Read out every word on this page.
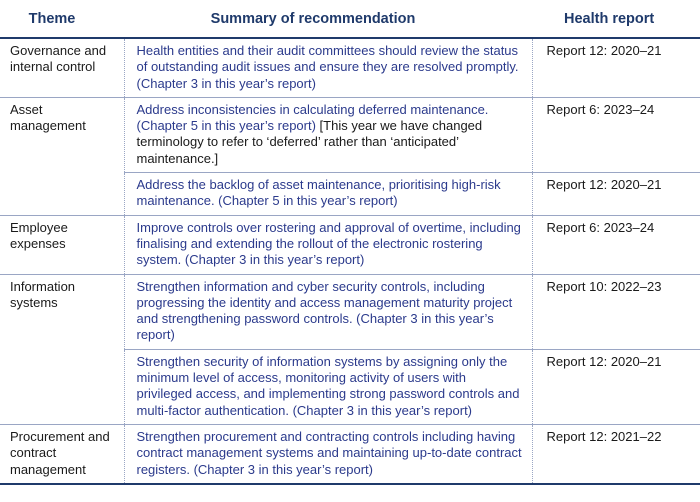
Theme	Summary of recommendation	Health report
Governance and internal control	Health entities and their audit committees should review the status of outstanding audit issues and ensure they are resolved promptly. (Chapter 3 in this year’s report)	Report 12: 2020–21
Asset management	Address inconsistencies in calculating deferred maintenance. (Chapter 5 in this year’s report) [This year we have changed terminology to refer to ‘deferred’ rather than ‘anticipated’ maintenance.]	Report 6: 2023–24
	Address the backlog of asset maintenance, prioritising high-risk maintenance. (Chapter 5 in this year’s report)	Report 12: 2020–21
Employee expenses	Improve controls over rostering and approval of overtime, including finalising and extending the rollout of the electronic rostering system. (Chapter 3 in this year’s report)	Report 6: 2023–24
Information systems	Strengthen information and cyber security controls, including progressing the identity and access management maturity project and strengthening password controls. (Chapter 3 in this year’s report)	Report 10: 2022–23
	Strengthen security of information systems by assigning only the minimum level of access, monitoring activity of users with privileged access, and implementing strong password controls and multi-factor authentication. (Chapter 3 in this year’s report)	Report 12: 2020–21
Procurement and contract management	Strengthen procurement and contracting controls including having contract management systems and maintaining up-to-date contract registers. (Chapter 3 in this year’s report)	Report 12: 2021–22
